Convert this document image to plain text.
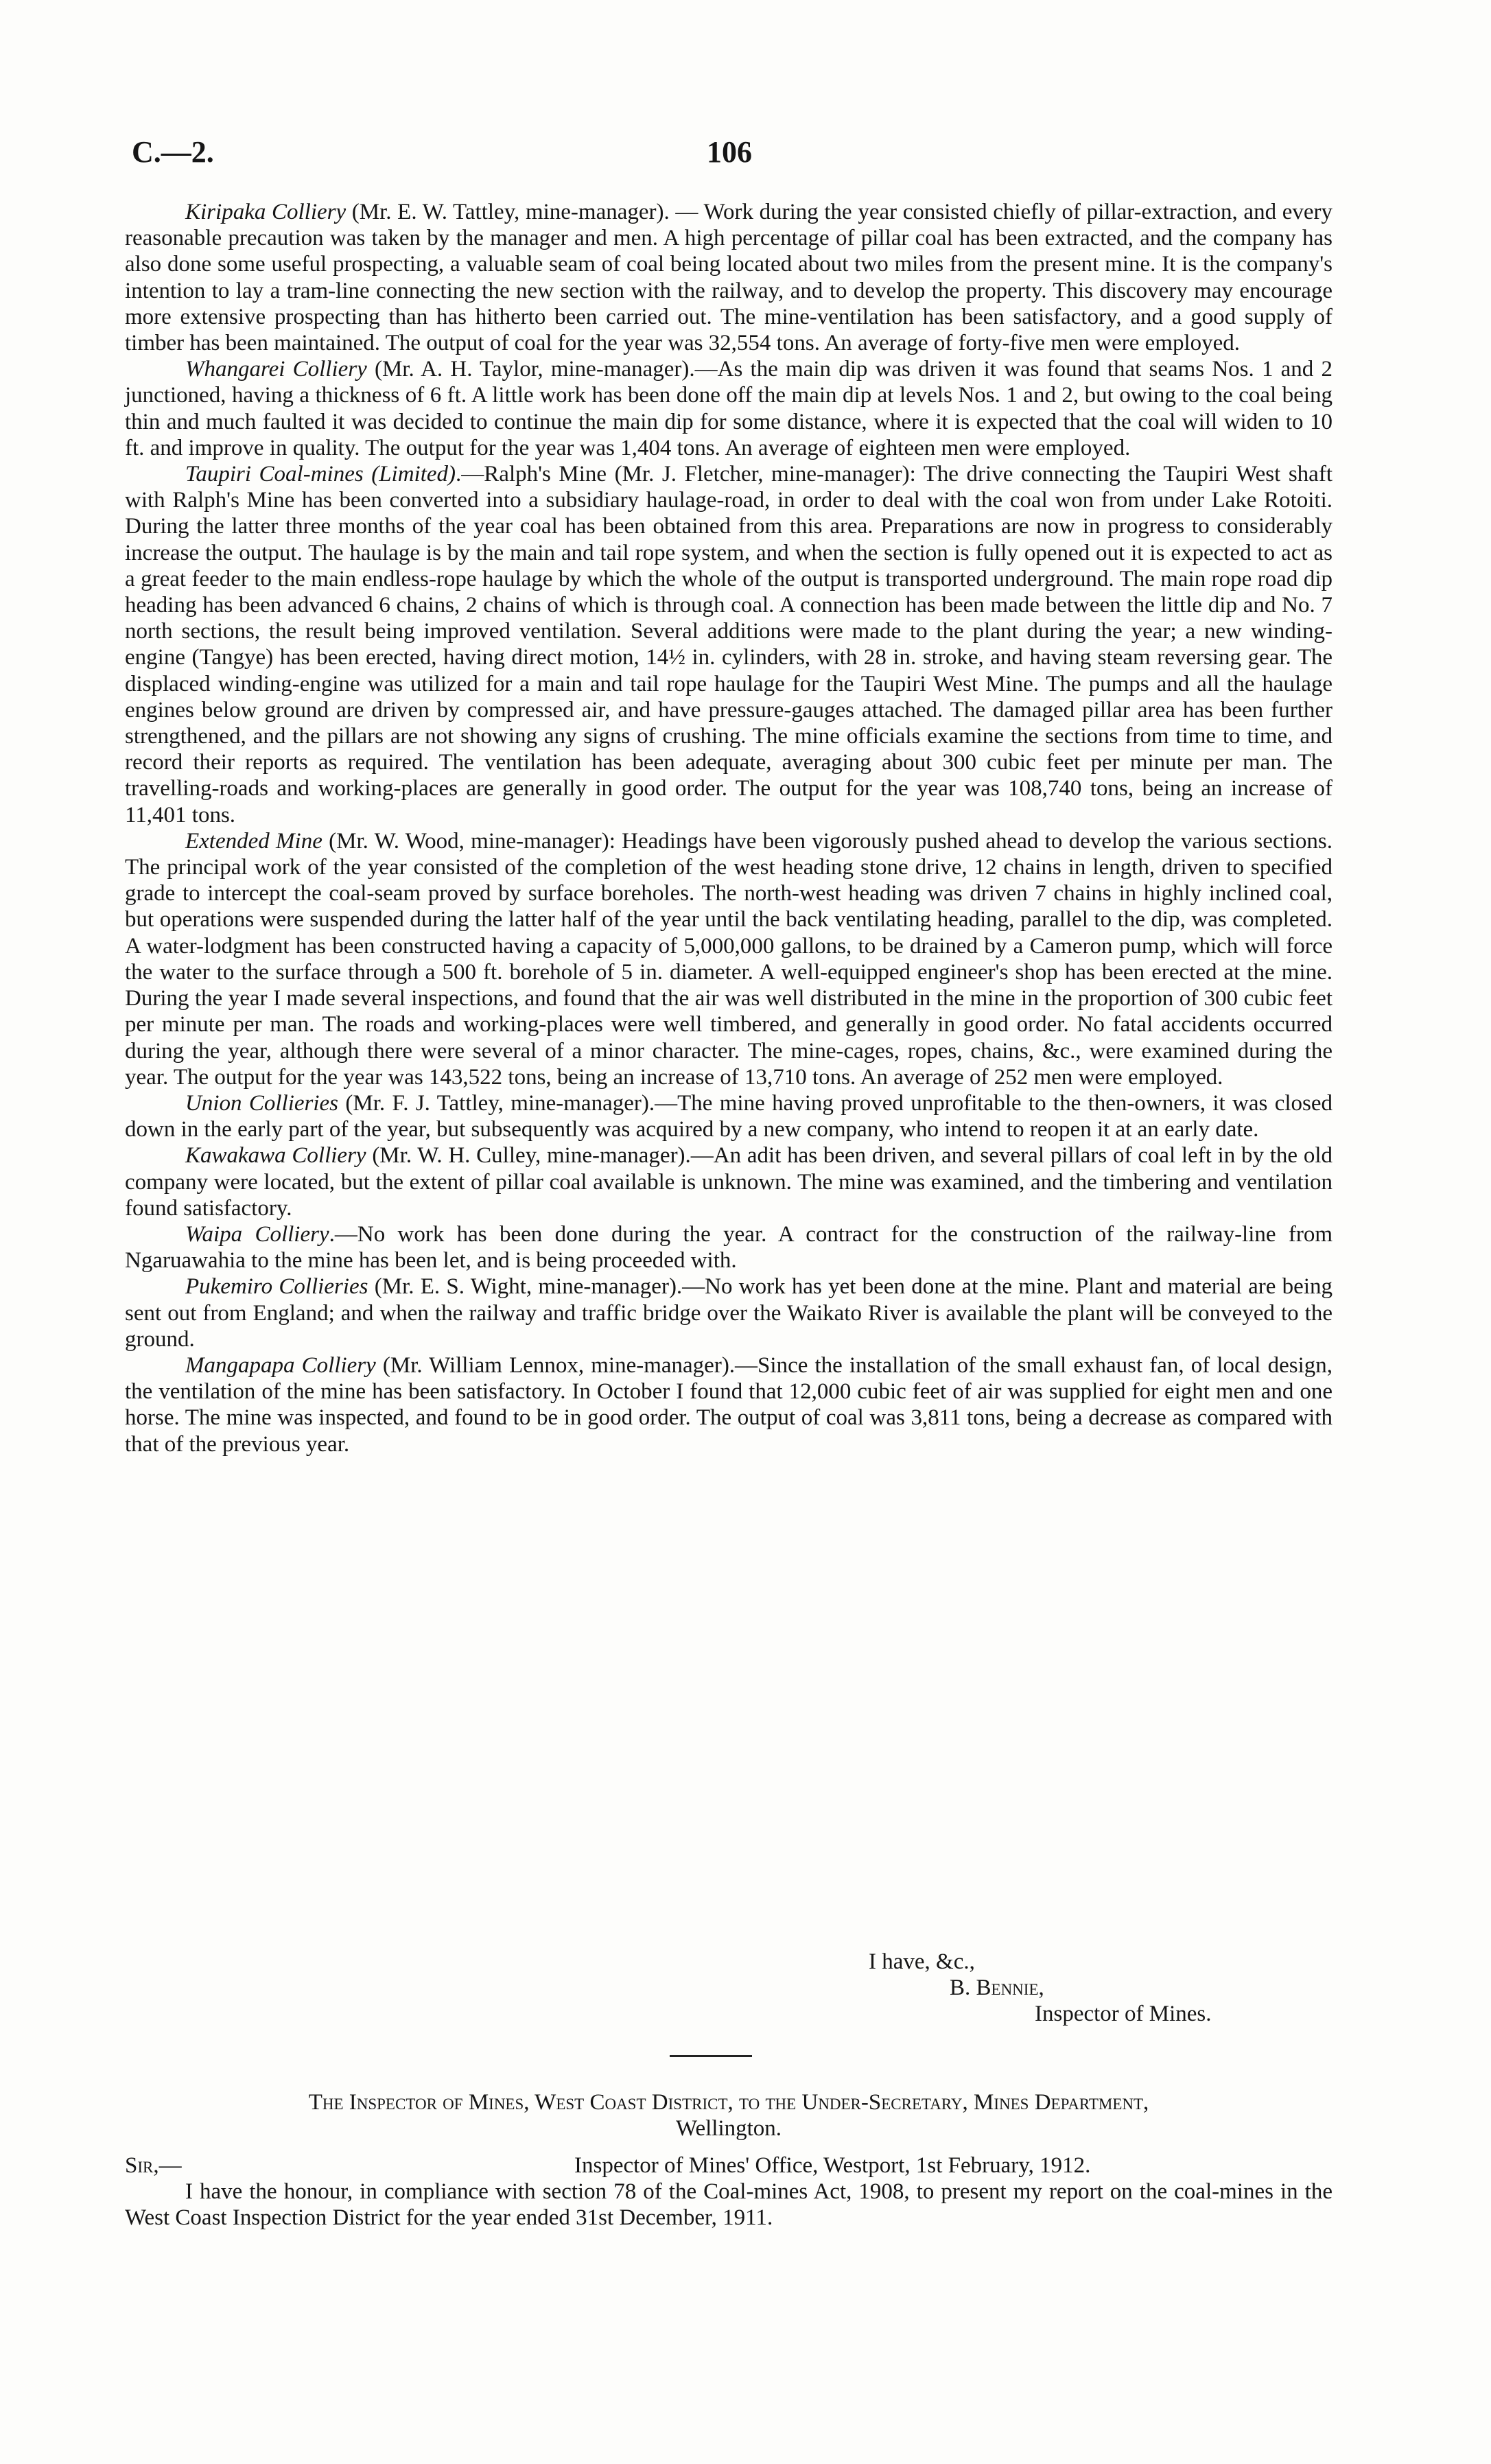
C.—2.	106

Kiripaka Colliery (Mr. E. W. Tattley, mine-manager). — Work during the year consisted chiefly of pillar-extraction, and every reasonable precaution was taken by the manager and men. A high percentage of pillar coal has been extracted, and the company has also done some useful prospecting, a valuable seam of coal being located about two miles from the present mine. It is the company's intention to lay a tram-line connecting the new section with the railway, and to develop the property. This discovery may encourage more extensive prospecting than has hitherto been carried out. The mine-ventilation has been satisfactory, and a good supply of timber has been maintained. The output of coal for the year was 32,554 tons. An average of forty-five men were employed.

Whangarei Colliery (Mr. A. H. Taylor, mine-manager).—As the main dip was driven it was found that seams Nos. 1 and 2 junctioned, having a thickness of 6 ft. A little work has been done off the main dip at levels Nos. 1 and 2, but owing to the coal being thin and much faulted it was decided to continue the main dip for some distance, where it is expected that the coal will widen to 10 ft. and improve in quality. The output for the year was 1,404 tons. An average of eighteen men were employed.

Taupiri Coal-mines (Limited).—Ralph's Mine (Mr. J. Fletcher, mine-manager): The drive connecting the Taupiri West shaft with Ralph's Mine has been converted into a subsidiary haulage-road, in order to deal with the coal won from under Lake Rotoiti. During the latter three months of the year coal has been obtained from this area. Preparations are now in progress to considerably increase the output. The haulage is by the main and tail rope system, and when the section is fully opened out it is expected to act as a great feeder to the main endless-rope haulage by which the whole of the output is transported underground. The main rope road dip heading has been advanced 6 chains, 2 chains of which is through coal. A connection has been made between the little dip and No. 7 north sections, the result being improved ventilation. Several additions were made to the plant during the year; a new winding-engine (Tangye) has been erected, having direct motion, 14½ in. cylinders, with 28 in. stroke, and having steam reversing gear. The displaced winding-engine was utilized for a main and tail rope haulage for the Taupiri West Mine. The pumps and all the haulage engines below ground are driven by compressed air, and have pressure-gauges attached. The damaged pillar area has been further strengthened, and the pillars are not showing any signs of crushing. The mine officials examine the sections from time to time, and record their reports as required. The ventilation has been adequate, averaging about 300 cubic feet per minute per man. The travelling-roads and working-places are generally in good order. The output for the year was 108,740 tons, being an increase of 11,401 tons.

Extended Mine (Mr. W. Wood, mine-manager): Headings have been vigorously pushed ahead to develop the various sections. The principal work of the year consisted of the completion of the west heading stone drive, 12 chains in length, driven to specified grade to intercept the coal-seam proved by surface boreholes. The north-west heading was driven 7 chains in highly inclined coal, but operations were suspended during the latter half of the year until the back ventilating heading, parallel to the dip, was completed. A water-lodgment has been constructed having a capacity of 5,000,000 gallons, to be drained by a Cameron pump, which will force the water to the surface through a 500 ft. borehole of 5 in. diameter. A well-equipped engineer's shop has been erected at the mine. During the year I made several inspections, and found that the air was well distributed in the mine in the proportion of 300 cubic feet per minute per man. The roads and working-places were well timbered, and generally in good order. No fatal accidents occurred during the year, although there were several of a minor character. The mine-cages, ropes, chains, &c., were examined during the year. The output for the year was 143,522 tons, being an increase of 13,710 tons. An average of 252 men were employed.

Union Collieries (Mr. F. J. Tattley, mine-manager).—The mine having proved unprofitable to the then-owners, it was closed down in the early part of the year, but subsequently was acquired by a new company, who intend to reopen it at an early date.

Kawakawa Colliery (Mr. W. H. Culley, mine-manager).—An adit has been driven, and several pillars of coal left in by the old company were located, but the extent of pillar coal available is unknown. The mine was examined, and the timbering and ventilation found satisfactory.

Waipa Colliery.—No work has been done during the year. A contract for the construction of the railway-line from Ngaruawahia to the mine has been let, and is being proceeded with.

Pukemiro Collieries (Mr. E. S. Wight, mine-manager).—No work has yet been done at the mine. Plant and material are being sent out from England; and when the railway and traffic bridge over the Waikato River is available the plant will be conveyed to the ground.

Mangapapa Colliery (Mr. William Lennox, mine-manager).—Since the installation of the small exhaust fan, of local design, the ventilation of the mine has been satisfactory. In October I found that 12,000 cubic feet of air was supplied for eight men and one horse. The mine was inspected, and found to be in good order. The output of coal was 3,811 tons, being a decrease as compared with that of the previous year.

I have, &c.,
B. Bennie,
Inspector of Mines.

The Inspector of Mines, West Coast District, to the Under-Secretary, Mines Department,

Wellington.

Sir,—	Inspector of Mines' Office, Westport, 1st February, 1912.

I have the honour, in compliance with section 78 of the Coal-mines Act, 1908, to present my report on the coal-mines in the West Coast Inspection District for the year ended 31st December, 1911.
